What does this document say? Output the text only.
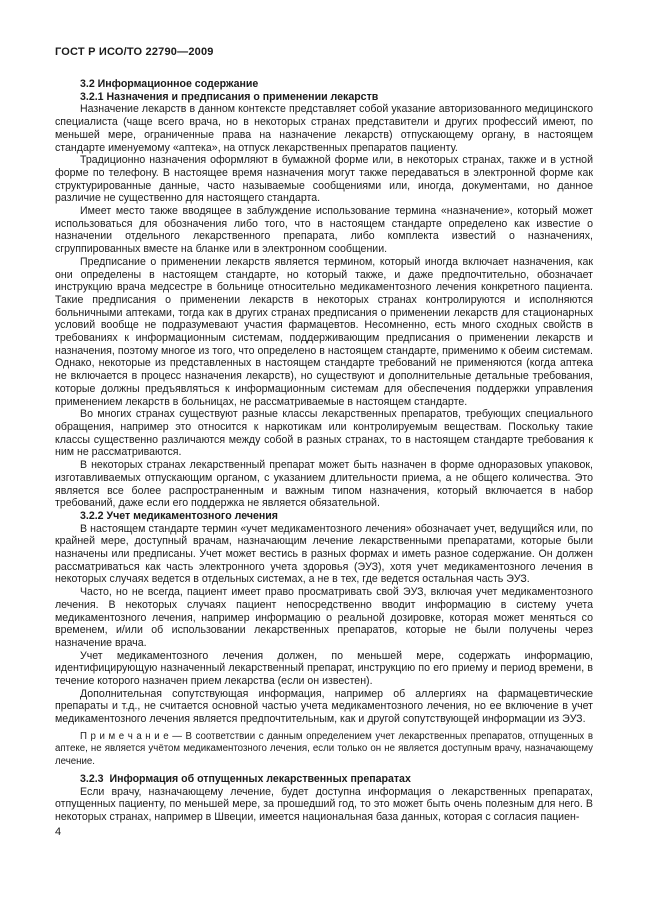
ГОСТ Р ИСО/ТО 22790—2009
3.2 Информационное содержание
3.2.1 Назначения и предписания о применении лекарств

Назначение лекарств в данном контексте представляет собой указание авторизованного медицинского специалиста (чаще всего врача, но в некоторых странах представители и других профессий имеют, по меньшей мере, ограниченные права на назначение лекарств) отпускающему органу, в настоящем стандарте именуемому «аптека», на отпуск лекарственных препаратов пациенту.

Традиционно назначения оформляют в бумажной форме или, в некоторых странах, также и в устной форме по телефону. В настоящее время назначения могут также передаваться в электронной форме как структурированные данные, часто называемые сообщениями или, иногда, документами, но данное различие не существенно для настоящего стандарта.

Имеет место также вводящее в заблуждение использование термина «назначение», который может использоваться для обозначения либо того, что в настоящем стандарте определено как известие о назначении отдельного лекарственного препарата, либо комплекта известий о назначениях, сгруппированных вместе на бланке или в электронном сообщении.

Предписание о применении лекарств является термином, который иногда включает назначения, как они определены в настоящем стандарте, но который также, и даже предпочтительно, обозначает инструкцию врача медсестре в больнице относительно медикаментозного лечения конкретного пациента. Такие предписания о применении лекарств в некоторых странах контролируются и исполняются больничными аптеками, тогда как в других странах предписания о применении лекарств для стационарных условий вообще не подразумевают участия фармацевтов. Несомненно, есть много сходных свойств в требованиях к информационным системам, поддерживающим предписания о применении лекарств и назначения, поэтому многое из того, что определено в настоящем стандарте, применимо к обеим системам. Однако, некоторые из представленных в настоящем стандарте требований не применяются (когда аптека не включается в процесс назначения лекарств), но существуют и дополнительные детальные требования, которые должны предъявляться к информационным системам для обеспечения поддержки управления применением лекарств в больницах, не рассматриваемые в настоящем стандарте.

Во многих странах существуют разные классы лекарственных препаратов, требующих специального обращения, например это относится к наркотикам или контролируемым веществам. Поскольку такие классы существенно различаются между собой в разных странах, то в настоящем стандарте требования к ним не рассматриваются.

В некоторых странах лекарственный препарат может быть назначен в форме одноразовых упаковок, изготавливаемых отпускающим органом, с указанием длительности приема, а не общего количества. Это является все более распространенным и важным типом назначения, который включается в набор требований, даже если его поддержка не является обязательной.

3.2.2 Учет медикаментозного лечения

В настоящем стандарте термин «учет медикаментозного лечения» обозначает учет, ведущийся или, по крайней мере, доступный врачам, назначающим лечение лекарственными препаратами, которые были назначены или предписаны. Учет может вестись в разных формах и иметь разное содержание. Он должен рассматриваться как часть электронного учета здоровья (ЭУЗ), хотя учет медикаментозного лечения в некоторых случаях ведется в отдельных системах, а не в тех, где ведется остальная часть ЭУЗ.

Часто, но не всегда, пациент имеет право просматривать свой ЭУЗ, включая учет медикаментозного лечения. В некоторых случаях пациент непосредственно вводит информацию в систему учета медикаментозного лечения, например информацию о реальной дозировке, которая может меняться со временем, и/или об использовании лекарственных препаратов, которые не были получены через назначение врача.

Учет медикаментозного лечения должен, по меньшей мере, содержать информацию, идентифицирующую назначенный лекарственный препарат, инструкцию по его приему и период времени, в течение которого назначен прием лекарства (если он известен).

Дополнительная сопутствующая информация, например об аллергиях на фармацевтические препараты и т.д., не считается основной частью учета медикаментозного лечения, но ее включение в учет медикаментозного лечения является предпочтительным, как и другой сопутствующей информации из ЭУЗ.

П р и м е ч а н и е — В соответствии с данным определением учет лекарственных препаратов, отпущенных в аптеке, не является учётом медикаментозного лечения, если только он не является доступным врачу, назначающему лечение.

3.2.3  Информация об отпущенных лекарственных препаратах

Если врачу, назначающему лечение, будет доступна информация о лекарственных препаратах, отпущенных пациенту, по меньшей мере, за прошедший год, то это может быть очень полезным для него. В некоторых странах, например в Швеции, имеется национальная база данных, которая с согласия пациен-

4
